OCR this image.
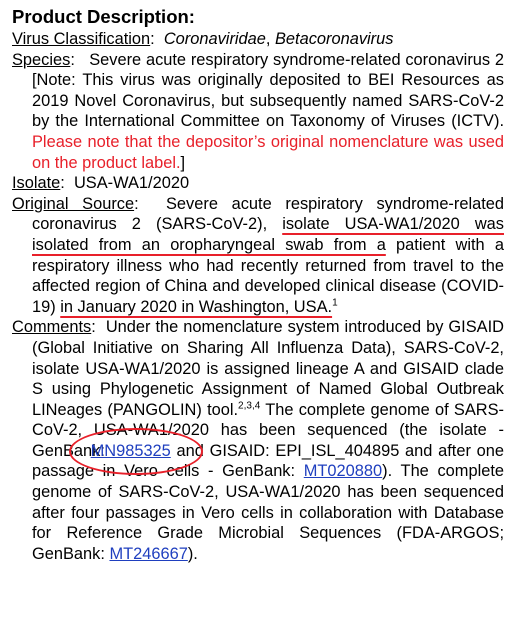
Product Description:

Virus Classification: Coronaviridae, Betacoronavirus

Species: Severe acute respiratory syndrome-related coronavirus 2 [Note: This virus was originally deposited to BEI Resources as 2019 Novel Coronavirus, but subsequently named SARS-CoV-2 by the International Committee on Taxonomy of Viruses (ICTV). Please note that the depositor’s original nomenclature was used on the product label.]

Isolate: USA-WA1/2020

Original Source: Severe acute respiratory syndrome-related coronavirus 2 (SARS-CoV-2), isolate USA-WA1/2020 was isolated from an oropharyngeal swab from a patient with a respiratory illness who had recently returned from travel to the affected region of China and developed clinical disease (COVID-19) in January 2020 in Washington, USA.$^1$

Comments: Under the nomenclature system introduced by GISAID (Global Initiative on Sharing All Influenza Data), SARS-CoV-2, isolate USA-WA1/2020 is assigned lineage A and GISAID clade S using Phylogenetic Assignment of Named Global Outbreak LINeages (PANGOLIN) tool.$^{2,3,4}$ The complete genome of SARS-CoV-2, USA-WA1/2020 has been sequenced (the isolate - GenBank:
MN985325 and GISAID: EPI_ISL_404895 and after one passage in Vero cells - GenBank: MT020880). The complete genome of SARS-CoV-2, USA-WA1/2020 has been sequenced after four passages in Vero cells in collaboration with Database for Reference Grade Microbial Sequences (FDA-ARGOS; GenBank: MT246667).
